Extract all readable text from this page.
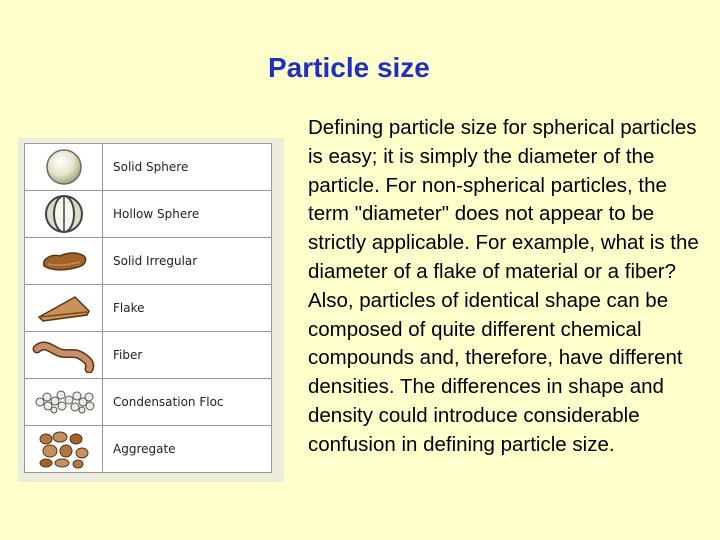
Particle size
	Solid Sphere

	Hollow Sphere

	Solid Irregular

	Flake

	Fiber

	Condensation Floc

	Aggregate
Defining particle size for spherical particles is easy; it is simply the diameter of the particle. For non-spherical particles, the term "diameter" does not appear to be strictly applicable. For example, what is the diameter of a flake of material or a fiber? Also, particles of identical shape can be composed of quite different chemical compounds and, therefore, have different densities. The differences in shape and density could introduce considerable confusion in defining particle size.
